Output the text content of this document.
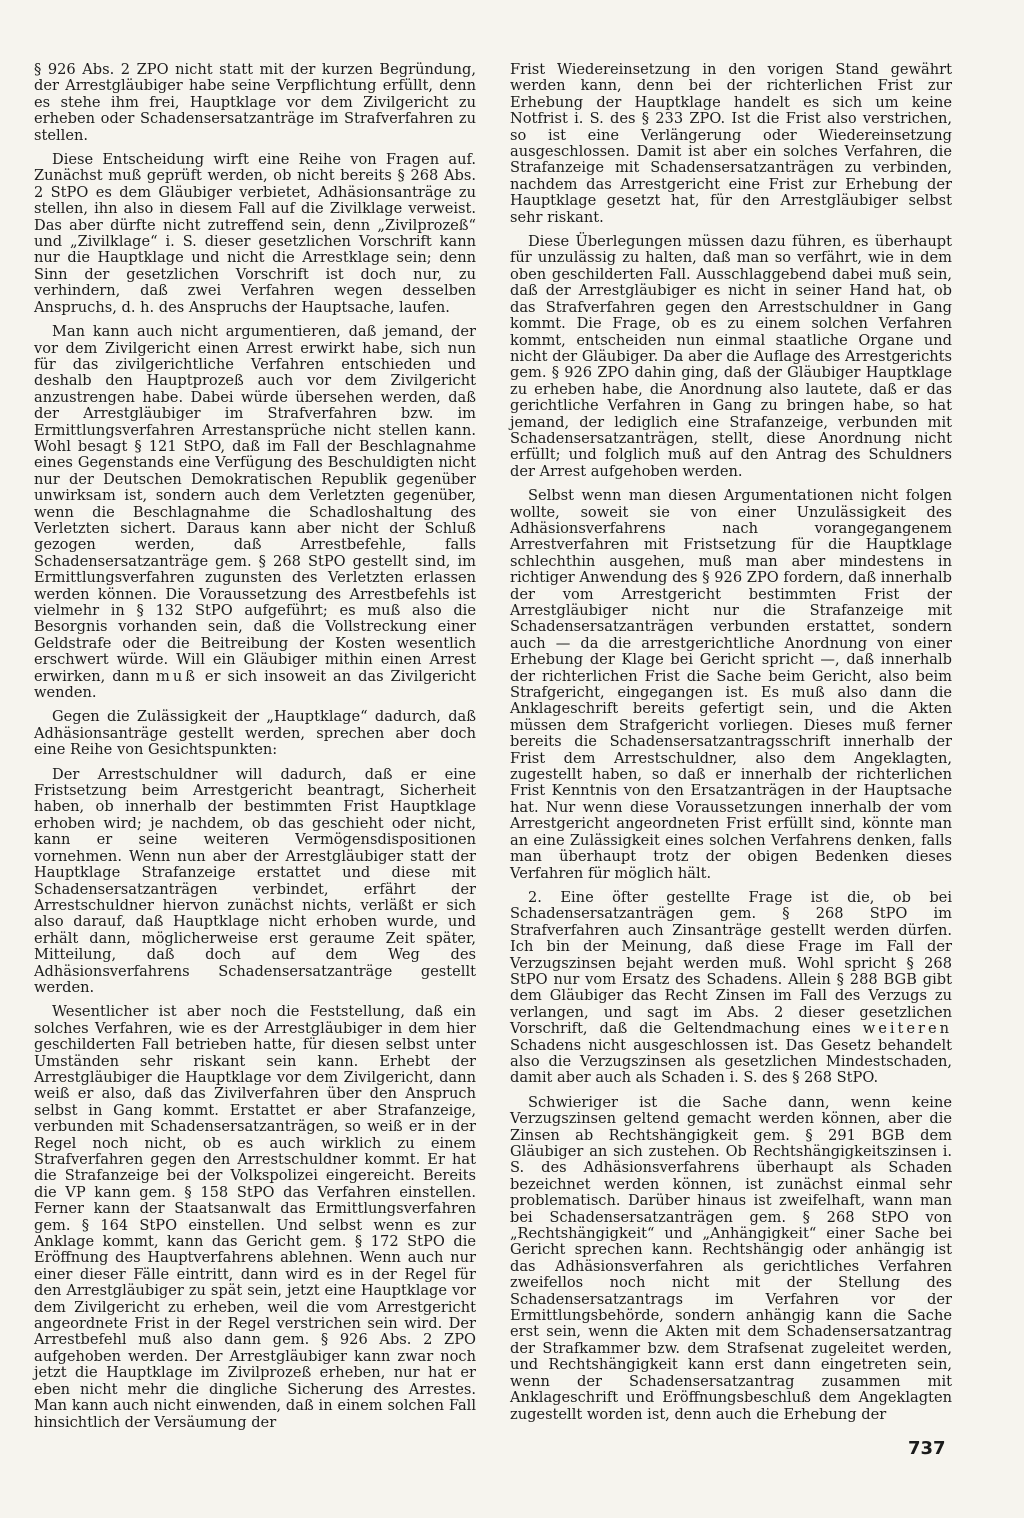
§ 926 Abs. 2 ZPO nicht statt mit der kurzen Begründung, der Arrestgläubiger habe seine Verpflichtung erfüllt, denn es stehe ihm frei, Hauptklage vor dem Zivilgericht zu erheben oder Schadensersatzanträge im Strafverfahren zu stellen.

Diese Entscheidung wirft eine Reihe von Fragen auf. Zunächst muß geprüft werden, ob nicht bereits § 268 Abs. 2 StPO es dem Gläubiger verbietet, Adhäsionsanträge zu stellen, ihn also in diesem Fall auf die Zivilklage verweist. Das aber dürfte nicht zutreffend sein, denn „Zivilprozeß“ und „Zivilklage“ i. S. dieser gesetzlichen Vorschrift kann nur die Hauptklage und nicht die Arrestklage sein; denn Sinn der gesetzlichen Vorschrift ist doch nur, zu verhindern, daß zwei Verfahren wegen desselben Anspruchs, d. h. des Anspruchs der Hauptsache, laufen.

Man kann auch nicht argumentieren, daß jemand, der vor dem Zivilgericht einen Arrest erwirkt habe, sich nun für das zivilgerichtliche Verfahren entschieden und deshalb den Hauptprozeß auch vor dem Zivilgericht anzustrengen habe. Dabei würde übersehen werden, daß der Arrestgläubiger im Strafverfahren bzw. im Ermittlungsverfahren Arrestansprüche nicht stellen kann. Wohl besagt § 121 StPO, daß im Fall der Beschlagnahme eines Gegenstands eine Verfügung des Beschuldigten nicht nur der Deutschen Demokratischen Republik gegenüber unwirksam ist, sondern auch dem Verletzten gegenüber, wenn die Beschlagnahme die Schadloshaltung des Verletzten sichert. Daraus kann aber nicht der Schluß gezogen werden, daß Arrestbefehle, falls Schadensersatzanträge gem. § 268 StPO gestellt sind, im Ermittlungsverfahren zugunsten des Verletzten erlassen werden können. Die Voraussetzung des Arrestbefehls ist vielmehr in § 132 StPO aufgeführt; es muß also die Besorgnis vorhanden sein, daß die Vollstreckung einer Geldstrafe oder die Beitreibung der Kosten wesentlich erschwert würde. Will ein Gläubiger mithin einen Arrest erwirken, dann muß er sich insoweit an das Zivilgericht wenden.

Gegen die Zulässigkeit der „Hauptklage“ dadurch, daß Adhäsionsanträge gestellt werden, sprechen aber doch eine Reihe von Gesichtspunkten:

Der Arrestschuldner will dadurch, daß er eine Fristsetzung beim Arrestgericht beantragt, Sicherheit haben, ob innerhalb der bestimmten Frist Hauptklage erhoben wird; je nachdem, ob das geschieht oder nicht, kann er seine weiteren Vermögensdispositionen vornehmen. Wenn nun aber der Arrestgläubiger statt der Hauptklage Strafanzeige erstattet und diese mit Schadensersatzanträgen verbindet, erfährt der Arrestschuldner hiervon zunächst nichts, verläßt er sich also darauf, daß Hauptklage nicht erhoben wurde, und erhält dann, möglicherweise erst geraume Zeit später, Mitteilung, daß doch auf dem Weg des Adhäsionsverfahrens Schadensersatzanträge gestellt werden.

Wesentlicher ist aber noch die Feststellung, daß ein solches Verfahren, wie es der Arrestgläubiger in dem hier geschilderten Fall betrieben hatte, für diesen selbst unter Umständen sehr riskant sein kann. Erhebt der Arrestgläubiger die Hauptklage vor dem Zivilgericht, dann weiß er also, daß das Zivilverfahren über den Anspruch selbst in Gang kommt. Erstattet er aber Strafanzeige, verbunden mit Schadensersatzanträgen, so weiß er in der Regel noch nicht, ob es auch wirklich zu einem Strafverfahren gegen den Arrestschuldner kommt. Er hat die Strafanzeige bei der Volkspolizei eingereicht. Bereits die VP kann gem. § 158 StPO das Verfahren einstellen. Ferner kann der Staatsanwalt das Ermittlungsverfahren gem. § 164 StPO einstellen. Und selbst wenn es zur Anklage kommt, kann das Gericht gem. § 172 StPO die Eröffnung des Hauptverfahrens ablehnen. Wenn auch nur einer dieser Fälle eintritt, dann wird es in der Regel für den Arrestgläubiger zu spät sein, jetzt eine Hauptklage vor dem Zivilgericht zu erheben, weil die vom Arrestgericht angeordnete Frist in der Regel verstrichen sein wird. Der Arrestbefehl muß also dann gem. § 926 Abs. 2 ZPO aufgehoben werden. Der Arrestgläubiger kann zwar noch jetzt die Hauptklage im Zivilprozeß erheben, nur hat er eben nicht mehr die dingliche Sicherung des Arrestes. Man kann auch nicht einwenden, daß in einem solchen Fall hinsichtlich der Versäumung der

Frist Wiedereinsetzung in den vorigen Stand gewährt werden kann, denn bei der richterlichen Frist zur Erhebung der Hauptklage handelt es sich um keine Notfrist i. S. des § 233 ZPO. Ist die Frist also verstrichen, so ist eine Verlängerung oder Wiedereinsetzung ausgeschlossen. Damit ist aber ein solches Verfahren, die Strafanzeige mit Schadensersatzanträgen zu verbinden, nachdem das Arrestgericht eine Frist zur Erhebung der Hauptklage gesetzt hat, für den Arrestgläubiger selbst sehr riskant.

Diese Überlegungen müssen dazu führen, es überhaupt für unzulässig zu halten, daß man so verfährt, wie in dem oben geschilderten Fall. Ausschlaggebend dabei muß sein, daß der Arrestgläubiger es nicht in seiner Hand hat, ob das Strafverfahren gegen den Arrestschuldner in Gang kommt. Die Frage, ob es zu einem solchen Verfahren kommt, entscheiden nun einmal staatliche Organe und nicht der Gläubiger. Da aber die Auflage des Arrestgerichts gem. § 926 ZPO dahin ging, daß der Gläubiger Hauptklage zu erheben habe, die Anordnung also lautete, daß er das gerichtliche Verfahren in Gang zu bringen habe, so hat jemand, der lediglich eine Strafanzeige, verbunden mit Schadensersatzanträgen, stellt, diese Anordnung nicht erfüllt; und folglich muß auf den Antrag des Schuldners der Arrest aufgehoben werden.

Selbst wenn man diesen Argumentationen nicht folgen wollte, soweit sie von einer Unzulässigkeit des Adhäsionsverfahrens nach vorangegangenem Arrestverfahren mit Fristsetzung für die Hauptklage schlechthin ausgehen, muß man aber mindestens in richtiger Anwendung des § 926 ZPO fordern, daß innerhalb der vom Arrestgericht bestimmten Frist der Arrestgläubiger nicht nur die Strafanzeige mit Schadensersatzanträgen verbunden erstattet, sondern auch — da die arrestgerichtliche Anordnung von einer Erhebung der Klage bei Gericht spricht —, daß innerhalb der richterlichen Frist die Sache beim Gericht, also beim Strafgericht, eingegangen ist. Es muß also dann die Anklageschrift bereits gefertigt sein, und die Akten müssen dem Strafgericht vorliegen. Dieses muß ferner bereits die Schadensersatzantragsschrift innerhalb der Frist dem Arrestschuldner, also dem Angeklagten, zugestellt haben, so daß er innerhalb der richterlichen Frist Kenntnis von den Ersatzanträgen in der Hauptsache hat. Nur wenn diese Voraussetzungen innerhalb der vom Arrestgericht angeordneten Frist erfüllt sind, könnte man an eine Zulässigkeit eines solchen Verfahrens denken, falls man überhaupt trotz der obigen Bedenken dieses Verfahren für möglich hält.

2. Eine öfter gestellte Frage ist die, ob bei Schadensersatzanträgen gem. § 268 StPO im Strafverfahren auch Zinsanträge gestellt werden dürfen. Ich bin der Meinung, daß diese Frage im Fall der Verzugszinsen bejaht werden muß. Wohl spricht § 268 StPO nur vom Ersatz des Schadens. Allein § 288 BGB gibt dem Gläubiger das Recht Zinsen im Fall des Verzugs zu verlangen, und sagt im Abs. 2 dieser gesetzlichen Vorschrift, daß die Geltendmachung eines weiteren Schadens nicht ausgeschlossen ist. Das Gesetz behandelt also die Verzugszinsen als gesetzlichen Mindestschaden, damit aber auch als Schaden i. S. des § 268 StPO.

Schwieriger ist die Sache dann, wenn keine Verzugszinsen geltend gemacht werden können, aber die Zinsen ab Rechtshängigkeit gem. § 291 BGB dem Gläubiger an sich zustehen. Ob Rechtshängigkeitszinsen i. S. des Adhäsionsverfahrens überhaupt als Schaden bezeichnet werden können, ist zunächst einmal sehr problematisch. Darüber hinaus ist zweifelhaft, wann man bei Schadensersatzanträgen gem. § 268 StPO von „Rechtshängigkeit“ und „Anhängigkeit“ einer Sache bei Gericht sprechen kann. Rechtshängig oder anhängig ist das Adhäsionsverfahren als gerichtliches Verfahren zweifellos noch nicht mit der Stellung des Schadensersatzantrags im Verfahren vor der Ermittlungsbehörde, sondern anhängig kann die Sache erst sein, wenn die Akten mit dem Schadensersatzantrag der Strafkammer bzw. dem Strafsenat zugeleitet werden, und Rechtshängigkeit kann erst dann eingetreten sein, wenn der Schadensersatzantrag zusammen mit Anklageschrift und Eröffnungsbeschluß dem Angeklagten zugestellt worden ist, denn auch die Erhebung der

737
